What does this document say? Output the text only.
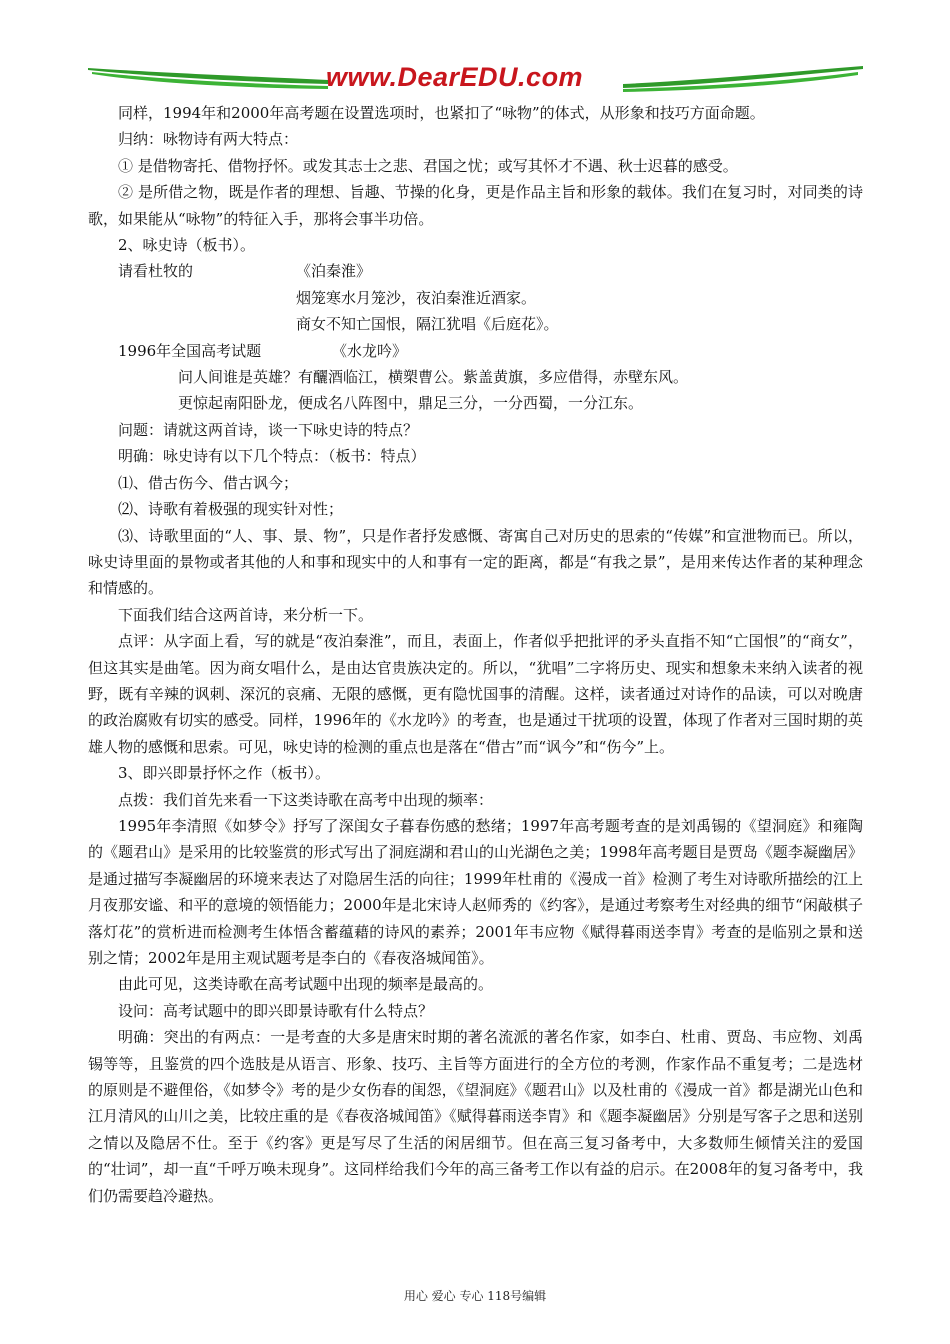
www.DearEDU.com

同样，1994年和2000年高考题在设置选项时，也紧扣了“咏物”的体式，从形象和技巧方面命题。

归纳：咏物诗有两大特点：

① 是借物寄托、借物抒怀。或发其志士之悲、君国之忧；或写其怀才不遇、秋士迟暮的感受。

② 是所借之物，既是作者的理想、旨趣、节操的化身，更是作品主旨和形象的载体。我们在复习时，对同类的诗歌，如果能从“咏物”的特征入手，那将会事半功倍。

2、咏史诗（板书）。

请看杜牧的	《泊秦淮》

烟笼寒水月笼沙，夜泊秦淮近酒家。

商女不知亡国恨，隔江犹唱《后庭花》。

1996年全国高考试题	《水龙吟》

问人间谁是英雄？有釃酒临江，横槊曹公。紫盖黄旗，多应借得，赤壁东风。

更惊起南阳卧龙，便成名八阵图中，鼎足三分，一分西蜀，一分江东。

问题：请就这两首诗，谈一下咏史诗的特点？

明确：咏史诗有以下几个特点：（板书：特点）

⑴、借古伤今、借古讽今；

⑵、诗歌有着极强的现实针对性；

⑶、诗歌里面的“人、事、景、物”，只是作者抒发感慨、寄寓自己对历史的思索的“传媒”和宣泄物而已。所以，咏史诗里面的景物或者其他的人和事和现实中的人和事有一定的距离，都是“有我之景”，是用来传达作者的某种理念和情感的。

下面我们结合这两首诗，来分析一下。

点评：从字面上看，写的就是“夜泊秦淮”，而且，表面上，作者似乎把批评的矛头直指不知“亡国恨”的“商女”，但这其实是曲笔。因为商女唱什么，是由达官贵族决定的。所以，“犹唱”二字将历史、现实和想象未来纳入读者的视野，既有辛辣的讽刺、深沉的哀痛、无限的感慨，更有隐忧国事的清醒。这样，读者通过对诗作的品读，可以对晚唐的政治腐败有切实的感受。同样，1996年的《水龙吟》的考查，也是通过干扰项的设置，体现了作者对三国时期的英雄人物的感慨和思索。可见，咏史诗的检测的重点也是落在“借古”而“讽今”和“伤今”上。

3、即兴即景抒怀之作（板书）。

点拨：我们首先来看一下这类诗歌在高考中出现的频率：

1995年李清照《如梦令》抒写了深闺女子暮春伤感的愁绪；1997年高考题考查的是刘禹锡的《望洞庭》和雍陶的《题君山》是采用的比较鉴赏的形式写出了洞庭湖和君山的山光湖色之美；1998年高考题目是贾岛《题李凝幽居》是通过描写李凝幽居的环境来表达了对隐居生活的向往；1999年杜甫的《漫成一首》检测了考生对诗歌所描绘的江上月夜那安谧、和平的意境的领悟能力；2000年是北宋诗人赵师秀的《约客》，是通过考察考生对经典的细节“闲敲棋子落灯花”的赏析进而检测考生体悟含蓄蕴藉的诗风的素养；2001年韦应物《赋得暮雨送李胄》考查的是临别之景和送别之情；2002年是用主观试题考是李白的《春夜洛城闻笛》。

由此可见，这类诗歌在高考试题中出现的频率是最高的。

设问：高考试题中的即兴即景诗歌有什么特点？

明确：突出的有两点：一是考查的大多是唐宋时期的著名流派的著名作家，如李白、杜甫、贾岛、韦应物、刘禹锡等等，且鉴赏的四个选肢是从语言、形象、技巧、主旨等方面进行的全方位的考测，作家作品不重复考；二是选材的原则是不避俚俗，《如梦令》考的是少女伤春的闺怨，《望洞庭》《题君山》以及杜甫的《漫成一首》都是湖光山色和江月清风的山川之美，比较庄重的是《春夜洛城闻笛》《赋得暮雨送李胄》和《题李凝幽居》分别是写客子之思和送别之情以及隐居不仕。至于《约客》更是写尽了生活的闲居细节。但在高三复习备考中，大多数师生倾情关注的爱国的“壮词”，却一直“千呼万唤未现身”。这同样给我们今年的高三备考工作以有益的启示。在2008年的复习备考中，我们仍需要趋冷避热。

用心 爱心 专心 118号编辑
